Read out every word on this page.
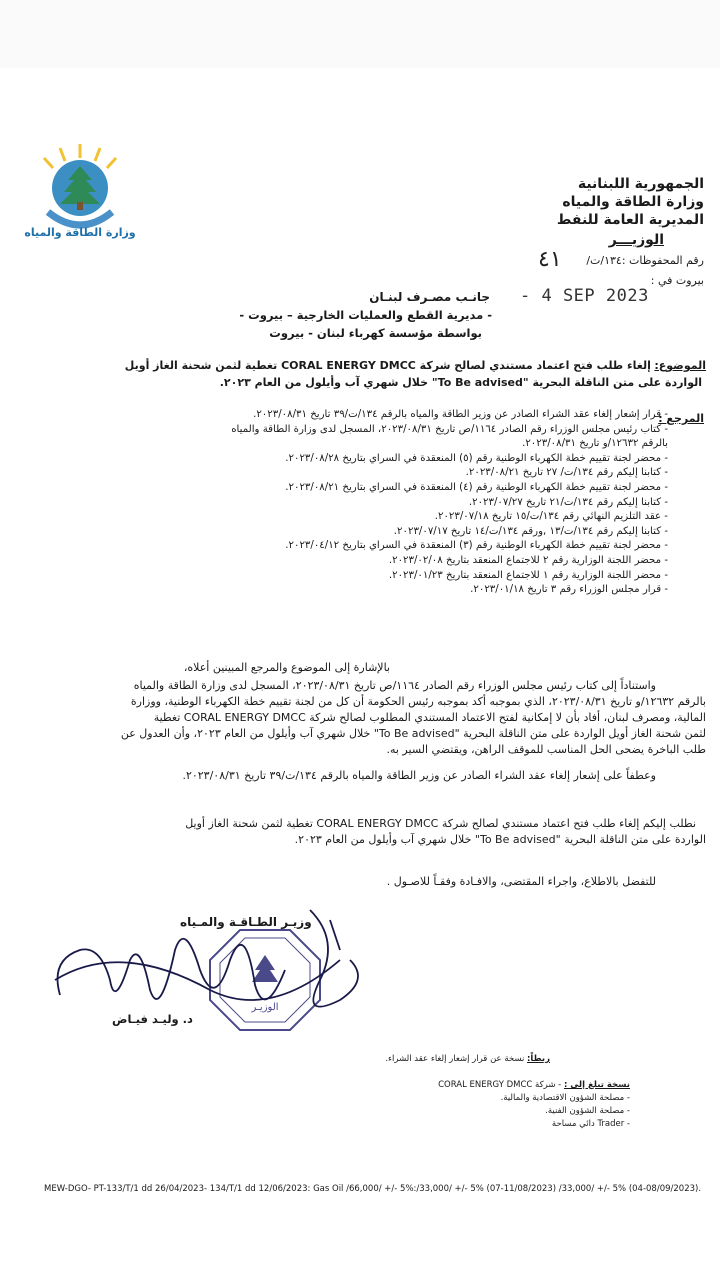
وزارة الطاقة والمياه
الجمهورية اللبنانية
وزارة الطاقة والمياه
المديرية العامة للنفط
الوزيـــر
رقم المحفوظات :١٣٤/ت/
٤١
بيروت في :
- 4 SEP 2023
جانـب مصـرف لبنـان
- مديرية القطع والعمليات الخارجية – بيروت -
بواسطة مؤسسة كهرباء لبنان - بيروت
الموضوع: إلغاء طلب فتح اعتماد مستندي لصالح شركة CORAL ENERGY DMCC تغطية لثمن شحنة الغاز أويل
الواردة على متن الناقلة البحرية "To Be advised" خلال شهري آب وأيلول من العام ٢٠٢٣.
المرجع :
- قرار إشعار إلغاء عقد الشراء الصادر عن وزير الطاقة والمياه بالرقم ١٣٤/ت/٣٩ تاريخ ٢٠٢٣/٠٨/٣١.
- كتاب رئيس مجلس الوزراء رقم الصادر ١١٦٤/ص تاريخ ٢٠٢٣/٠٨/٣١، المسجل لدى وزارة الطاقة والمياه
بالرقم ١٢٦٣٢/و تاريخ ٢٠٢٣/٠٨/٣١.
- محضر لجنة تقييم خطة الكهرباء الوطنية رقم (٥) المنعقدة في السراي بتاريخ ٢٠٢٣/٠٨/٢٨.
- كتابنا إليكم رقم ١٣٤/ت/ ٢٧ تاريخ ٢٠٢٣/٠٨/٢١.
- محضر لجنة تقييم خطة الكهرباء الوطنية رقم (٤) المنعقدة في السراي بتاريخ ٢٠٢٣/٠٨/٢١.
- كتابنا إليكم رقم ١٣٤/ت/٢١ تاريخ ٢٠٢٣/٠٧/٢٧.
- عقد التلزيم النهائي رقم ١٣٤/ت/١٥ تاريخ ٢٠٢٣/٠٧/١٨.
- كتابنا إليكم رقم ١٣٤/ت/١٣ ,ورقم ١٣٤/ت/١٤ تاريخ ٢٠٢٣/٠٧/١٧.
- محضر لجنة تقييم خطة الكهرباء الوطنية رقم (٣) المنعقدة في السراي بتاريخ ٢٠٢٣/٠٤/١٢.
- محضر اللجنة الوزارية رقم ٢ للاجتماع المنعقد بتاريخ ٢٠٢٣/٠٢/٠٨.
- محضر اللجنة الوزارية رقم ١ للاجتماع المنعقد بتاريخ ٢٠٢٣/٠١/٢٣.
- قرار مجلس الوزراء رقم ٣ تاريخ ٢٠٢٣/٠١/١٨.
بالإشارة إلى الموضوع والمرجع المبينين أعلاه،
واستناداً إلى كتاب رئيس مجلس الوزراء رقم الصادر ١١٦٤/ص تاريخ ٢٠٢٣/٠٨/٣١، المسجل لدى وزارة الطاقة والمياه
بالرقم ١٢٦٣٢/و تاريخ ٢٠٢٣/٠٨/٣١، الذي بموجبه أكد بموجبه رئيس الحكومة أن كل من لجنة تقييم خطة الكهرباء الوطنية، ووزارة
المالية، ومصرف لبنان، أفاد بأن لا إمكانية لفتح الاعتماد المستندي المطلوب لصالح شركة CORAL ENERGY DMCC تغطية
لثمن شحنة الغاز أويل الواردة على متن الناقلة البحرية "To Be advised" خلال شهري آب وأيلول من العام ٢٠٢٣، وأن العدول عن
طلب الباخرة يضحى الحل المناسب للموقف الراهن، ويقتضي السير به.
وعطفاً على إشعار إلغاء عقد الشراء الصادر عن وزير الطاقة والمياه بالرقم ١٣٤/ت/٣٩ تاريخ ٢٠٢٣/٠٨/٣١.
نطلب إليكم إلغاء طلب فتح اعتماد مستندي لصالح شركة CORAL ENERGY DMCC تغطية لثمن شحنة الغاز أويل
الواردة على متن الناقلة البحرية "To Be advised" خلال شهري آب وأيلول من العام ٢٠٢٣.
للتفضل بالاطلاع، واجراء المقتضى، والافـادة وفقـاً للاصـول .
وزيـر الطـاقـة والمـياه
الوزيـر
د. وليـد فيـاض
ربطاً: نسخة عن قرار إشعار إلغاء عقد الشراء.
نسخة تبلغ إلى : - شركة CORAL ENERGY DMCC
- مصلحة الشؤون الاقتصادية والمالية.
- مصلحة الشؤون الفنية.
- Trader دائي مساحة
MEW-DGO- PT-133/T/1 dd 26/04/2023- 134/T/1 dd 12/06/2023: Gas Oil /66,000/ +/- 5%:/33,000/ +/- 5% (07-11/08/2023) /33,000/ +/- 5% (04-08/09/2023).
